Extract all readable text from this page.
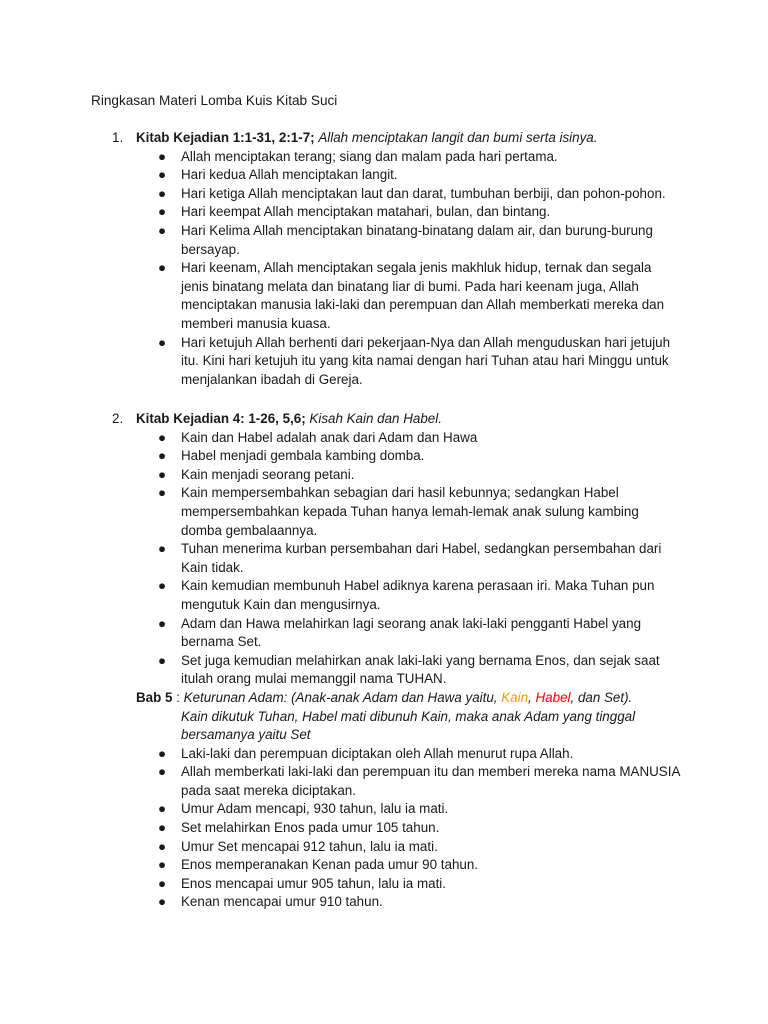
Ringkasan Materi Lomba Kuis Kitab Suci
1. Kitab Kejadian 1:1-31, 2:1-7; Allah menciptakan langit dan bumi serta isinya.
● Allah menciptakan terang; siang dan malam pada hari pertama.
● Hari kedua Allah menciptakan langit.
● Hari ketiga Allah menciptakan laut dan darat, tumbuhan berbiji, dan pohon-pohon.
● Hari keempat Allah menciptakan matahari, bulan, dan bintang.
● Hari Kelima Allah menciptakan binatang-binatang dalam air, dan burung-burung bersayap.
● Hari keenam, Allah menciptakan segala jenis makhluk hidup, ternak dan segala jenis binatang melata dan binatang liar di bumi. Pada hari keenam juga, Allah menciptakan manusia laki-laki dan perempuan dan Allah memberkati mereka dan memberi manusia kuasa.
● Hari ketujuh Allah berhenti dari pekerjaan-Nya dan Allah menguduskan hari jetujuh itu. Kini hari ketujuh itu yang kita namai dengan hari Tuhan atau hari Minggu untuk menjalankan ibadah di Gereja.
2. Kitab Kejadian 4: 1-26, 5,6; Kisah Kain dan Habel.
● Kain dan Habel adalah anak dari Adam dan Hawa
● Habel menjadi gembala kambing domba.
● Kain menjadi seorang petani.
● Kain mempersembahkan sebagian dari hasil kebunnya; sedangkan Habel mempersembahkan kepada Tuhan hanya lemah-lemak anak sulung kambing domba gembalaannya.
● Tuhan menerima kurban persembahan dari Habel, sedangkan persembahan dari Kain tidak.
● Kain kemudian membunuh Habel adiknya karena perasaan iri. Maka Tuhan pun mengutuk Kain dan mengusirnya.
● Adam dan Hawa melahirkan lagi seorang anak laki-laki pengganti Habel yang bernama Set.
● Set juga kemudian melahirkan anak laki-laki yang bernama Enos, dan sejak saat itulah orang mulai memanggil nama TUHAN.
Bab 5 : Keturunan Adam: (Anak-anak Adam dan Hawa yaitu, Kain, Habel, dan Set).
Kain dikutuk Tuhan, Habel mati dibunuh Kain, maka anak Adam yang tinggal bersamanya yaitu Set
● Laki-laki dan perempuan diciptakan oleh Allah menurut rupa Allah.
● Allah memberkati laki-laki dan perempuan itu dan memberi mereka nama MANUSIA pada saat mereka diciptakan.
● Umur Adam mencapi, 930 tahun, lalu ia mati.
● Set melahirkan Enos pada umur 105 tahun.
● Umur Set mencapai 912 tahun, lalu ia mati.
● Enos memperanakan Kenan pada umur 90 tahun.
● Enos mencapai umur 905 tahun, lalu ia mati.
● Kenan mencapai umur 910 tahun.
